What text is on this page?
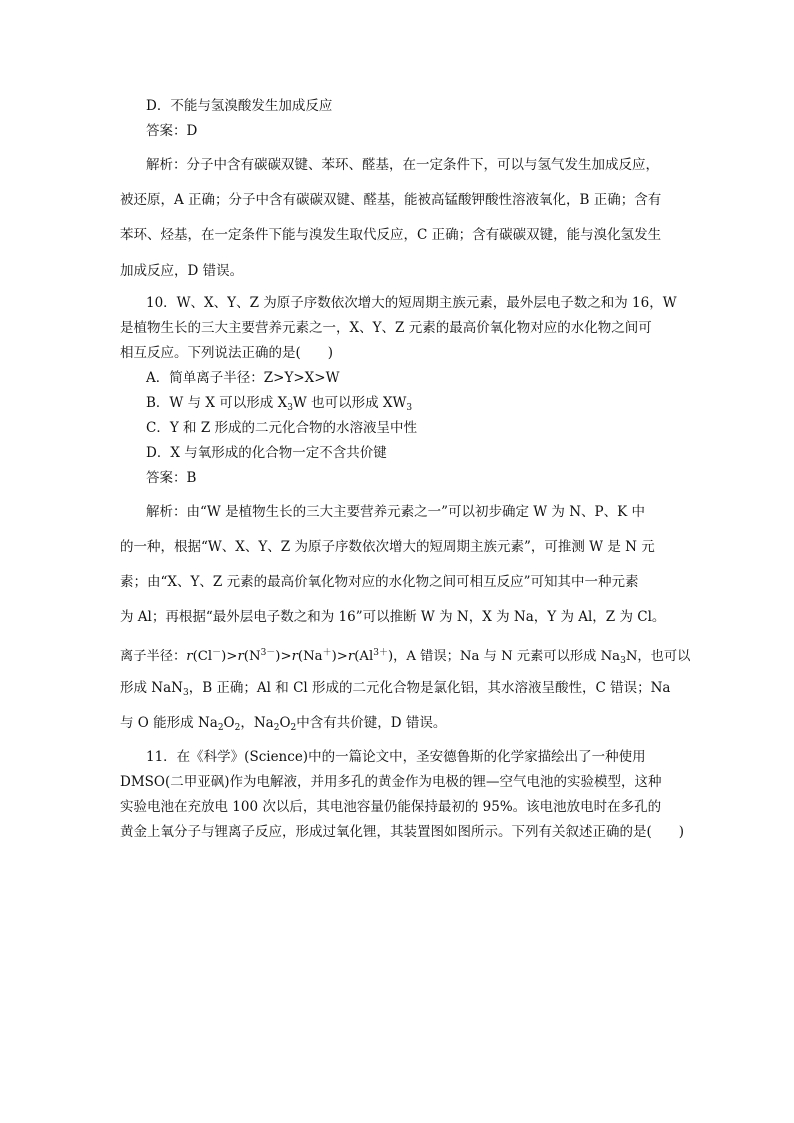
D．不能与氢溴酸发生加成反应
答案：D
解析：分子中含有碳碳双键、苯环、醛基，在一定条件下，可以与氢气发生加成反应，
被还原，A 正确；分子中含有碳碳双键、醛基，能被高锰酸钾酸性溶液氧化，B 正确；含有
苯环、烃基，在一定条件下能与溴发生取代反应，C 正确；含有碳碳双键，能与溴化氢发生
加成反应，D 错误。
10．W、X、Y、Z 为原子序数依次增大的短周期主族元素，最外层电子数之和为 16，W
是植物生长的三大主要营养元素之一，X、Y、Z 元素的最高价氧化物对应的水化物之间可
相互反应。下列说法正确的是(　　)
A．简单离子半径：Z>Y>X>W
B．W 与 X 可以形成 $X_3W$ 也可以形成 $XW_3$
C．Y 和 Z 形成的二元化合物的水溶液呈中性
D．X 与氧形成的化合物一定不含共价键
答案：B
解析：由“W 是植物生长的三大主要营养元素之一”可以初步确定 W 为 N、P、K 中
的一种，根据“W、X、Y、Z 为原子序数依次增大的短周期主族元素”，可推测 W 是 N 元
素；由“X、Y、Z 元素的最高价氧化物对应的水化物之间可相互反应”可知其中一种元素
为 Al；再根据“最外层电子数之和为 16”可以推断 W 为 N，X 为 Na，Y 为 Al，Z 为 Cl。
离子半径：$r(Cl^-)>r(N^{3-})>r(Na^+)>r(Al^{3+})$，A 错误；Na 与 N 元素可以形成 $Na_3N$，也可以
形成 NaN$_3$，B 正确；Al 和 Cl 形成的二元化合物是氯化铝，其水溶液呈酸性，C 错误；Na
与 O 能形成 $Na_2O_2$，$Na_2O_2$中含有共价键，D 错误。
11．在《科学》(Science)中的一篇论文中，圣安德鲁斯的化学家描绘出了一种使用
DMSO(二甲亚砜)作为电解液，并用多孔的黄金作为电极的锂—空气电池的实验模型，这种
实验电池在充放电 100 次以后，其电池容量仍能保持最初的 95%。该电池放电时在多孔的
黄金上氧分子与锂离子反应，形成过氧化锂，其装置图如图所示。下列有关叙述正确的是(　　)
